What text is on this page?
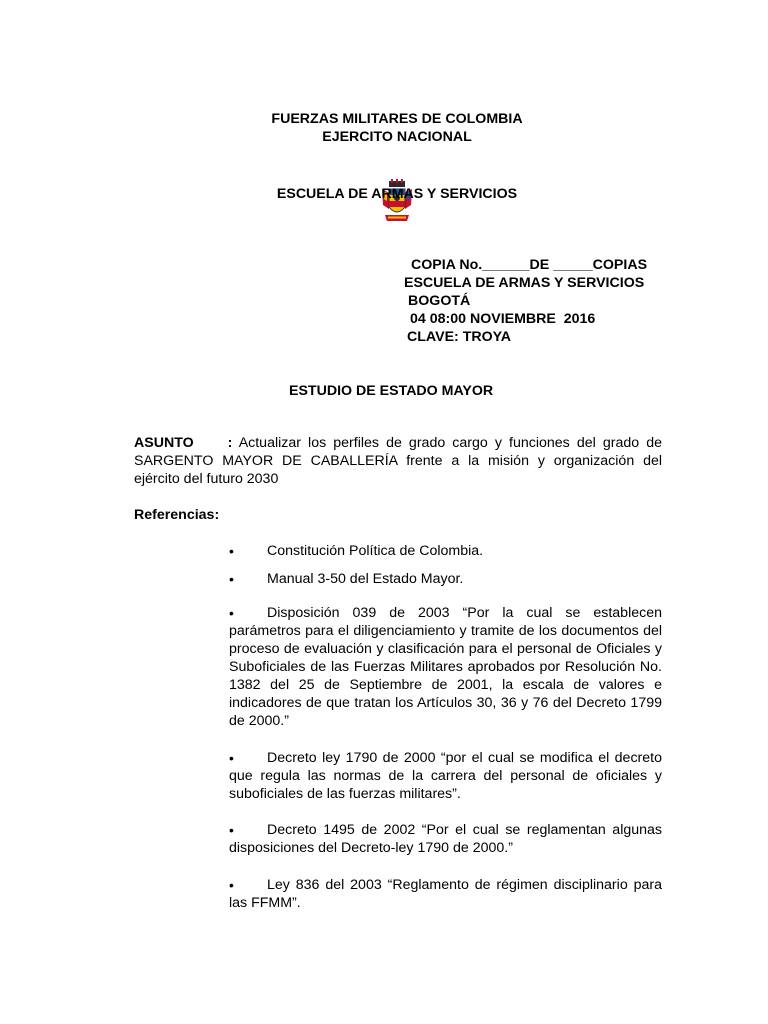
FUERZAS MILITARES DE COLOMBIA
EJERCITO NACIONAL

ESCUELA DE ARMAS Y SERVICIOS
COPIA No.______DE _____COPIAS
ESCUELA DE ARMAS Y SERVICIOS
BOGOTÁ
04 08:00 NOVIEMBRE  2016
CLAVE: TROYA
ESTUDIO DE ESTADO MAYOR
ASUNTO : Actualizar los perfiles de grado cargo y funciones del grado de SARGENTO MAYOR DE CABALLERÍA frente a la misión y organización del ejército del futuro 2030
Referencias:
• Constitución Política de Colombia.
• Manual 3-50 del Estado Mayor.
Disposición 039 de 2003 “Por la cual se establecen parámetros para el diligenciamiento y tramite de los documentos del proceso de evaluación y clasificación para el personal de Oficiales y Suboficiales de las Fuerzas Militares aprobados por Resolución No. 1382 del 25 de Septiembre de 2001, la escala de valores e indicadores de que tratan los Artículos 30, 36 y 76 del Decreto 1799 de 2000.”
•
Decreto ley 1790 de 2000 “por el cual se modifica el decreto que regula las normas de la carrera del personal de oficiales y suboficiales de las fuerzas militares”.
•
Decreto 1495 de 2002 “Por el cual se reglamentan algunas disposiciones del Decreto-ley 1790 de 2000.”
•
Ley 836 del 2003 “Reglamento de régimen disciplinario para las FFMM”.
•
